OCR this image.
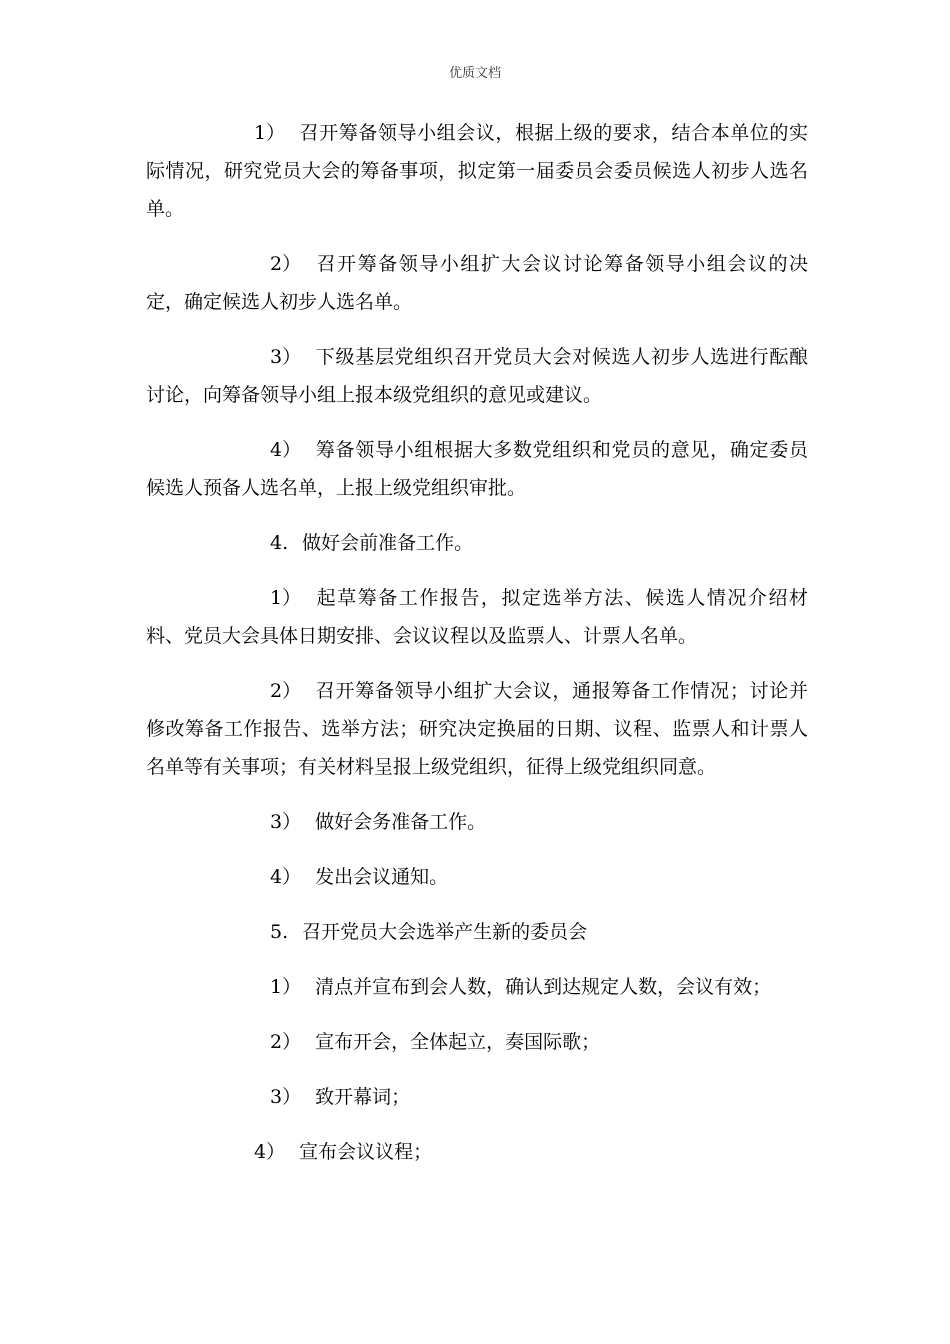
优质文档

1） 召开筹备领导小组会议，根据上级的要求，结合本单位的实际情况，研究党员大会的筹备事项，拟定第一届委员会委员候选人初步人选名单。

2） 召开筹备领导小组扩大会议讨论筹备领导小组会议的决定，确定候选人初步人选名单。

3） 下级基层党组织召开党员大会对候选人初步人选进行酝酿讨论，向筹备领导小组上报本级党组织的意见或建议。

4） 筹备领导小组根据大多数党组织和党员的意见，确定委员候选人预备人选名单，上报上级党组织审批。

4. 做好会前准备工作。

1） 起草筹备工作报告，拟定选举方法、候选人情况介绍材料、党员大会具体日期安排、会议议程以及监票人、计票人名单。

2） 召开筹备领导小组扩大会议，通报筹备工作情况；讨论并修改筹备工作报告、选举方法；研究决定换届的日期、议程、监票人和计票人名单等有关事项；有关材料呈报上级党组织，征得上级党组织同意。

3） 做好会务准备工作。

4） 发出会议通知。

5. 召开党员大会选举产生新的委员会

1） 清点并宣布到会人数，确认到达规定人数，会议有效；

2） 宣布开会，全体起立，奏国际歌；

3） 致开幕词；

4） 宣布会议议程；
